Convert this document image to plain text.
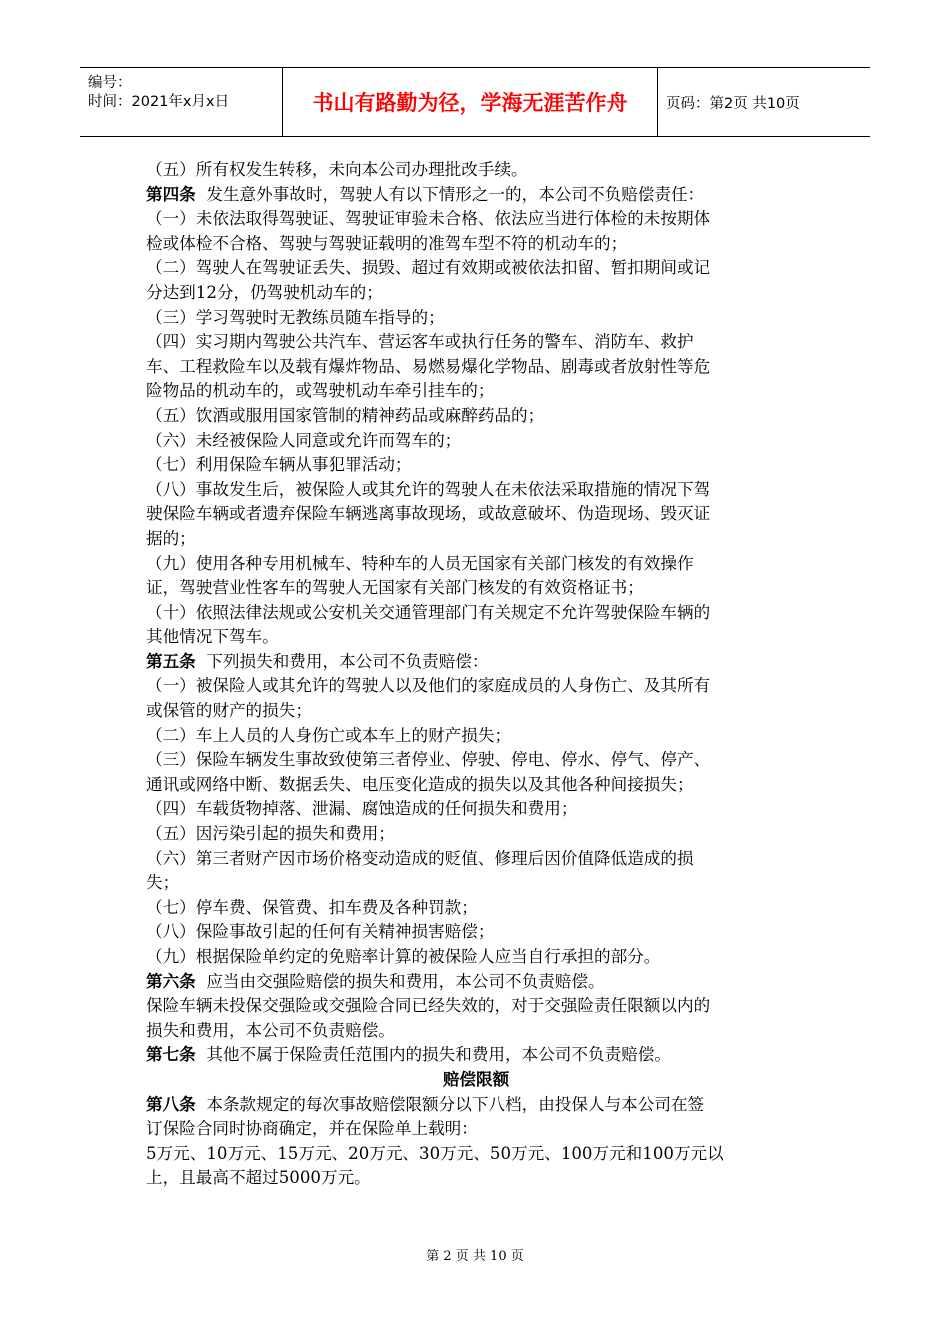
编号：
时间：2021年x月x日	书山有路勤为径，学海无涯苦作舟	页码：第2页 共10页

（五）所有权发生转移，未向本公司办理批改手续。

第四条 发生意外事故时，驾驶人有以下情形之一的，本公司不负赔偿责任：

（一）未依法取得驾驶证、驾驶证审验未合格、依法应当进行体检的未按期体

检或体检不合格、驾驶与驾驶证载明的准驾车型不符的机动车的；

（二）驾驶人在驾驶证丢失、损毁、超过有效期或被依法扣留、暂扣期间或记

分达到12分，仍驾驶机动车的；

（三）学习驾驶时无教练员随车指导的；

（四）实习期内驾驶公共汽车、营运客车或执行任务的警车、消防车、救护

车、工程救险车以及载有爆炸物品、易燃易爆化学物品、剧毒或者放射性等危

险物品的机动车的，或驾驶机动车牵引挂车的；

（五）饮酒或服用国家管制的精神药品或麻醉药品的；

（六）未经被保险人同意或允许而驾车的；

（七）利用保险车辆从事犯罪活动；

（八）事故发生后，被保险人或其允许的驾驶人在未依法采取措施的情况下驾

驶保险车辆或者遗弃保险车辆逃离事故现场，或故意破坏、伪造现场、毁灭证

据的；

（九）使用各种专用机械车、特种车的人员无国家有关部门核发的有效操作

证，驾驶营业性客车的驾驶人无国家有关部门核发的有效资格证书；

（十）依照法律法规或公安机关交通管理部门有关规定不允许驾驶保险车辆的

其他情况下驾车。

第五条 下列损失和费用，本公司不负责赔偿：

（一）被保险人或其允许的驾驶人以及他们的家庭成员的人身伤亡、及其所有

或保管的财产的损失；

（二）车上人员的人身伤亡或本车上的财产损失；

（三）保险车辆发生事故致使第三者停业、停驶、停电、停水、停气、停产、

通讯或网络中断、数据丢失、电压变化造成的损失以及其他各种间接损失；

（四）车载货物掉落、泄漏、腐蚀造成的任何损失和费用；

（五）因污染引起的损失和费用；

（六）第三者财产因市场价格变动造成的贬值、修理后因价值降低造成的损

失；

（七）停车费、保管费、扣车费及各种罚款；

（八）保险事故引起的任何有关精神损害赔偿；

（九）根据保险单约定的免赔率计算的被保险人应当自行承担的部分。

第六条 应当由交强险赔偿的损失和费用，本公司不负责赔偿。

保险车辆未投保交强险或交强险合同已经失效的，对于交强险责任限额以内的

损失和费用，本公司不负责赔偿。

第七条 其他不属于保险责任范围内的损失和费用，本公司不负责赔偿。

赔偿限额

第八条 本条款规定的每次事故赔偿限额分以下八档，由投保人与本公司在签

订保险合同时协商确定，并在保险单上载明：

5万元、10万元、15万元、20万元、30万元、50万元、100万元和100万元以

上，且最高不超过5000万元。

第 2 页 共 10 页
